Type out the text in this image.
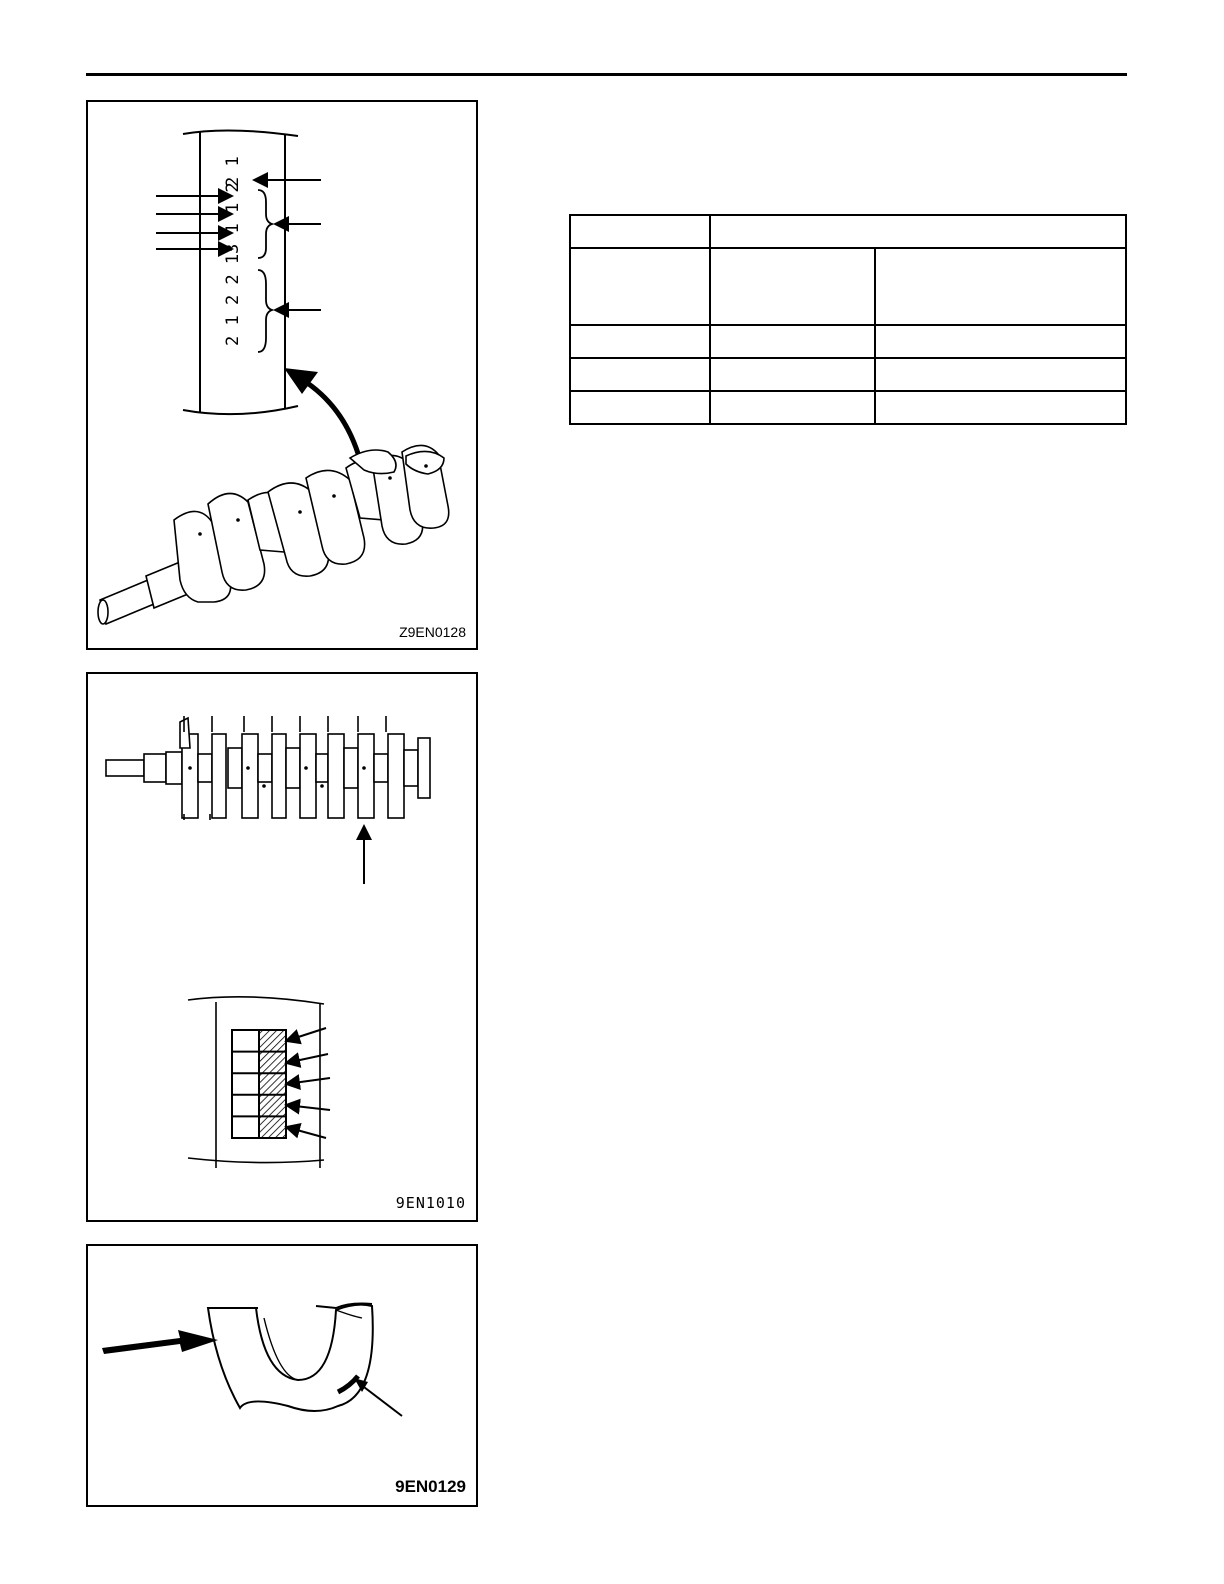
2 1
3 1 1 2
2 1 2 2 1
Z9EN0128

9EN1010
9EN0129
